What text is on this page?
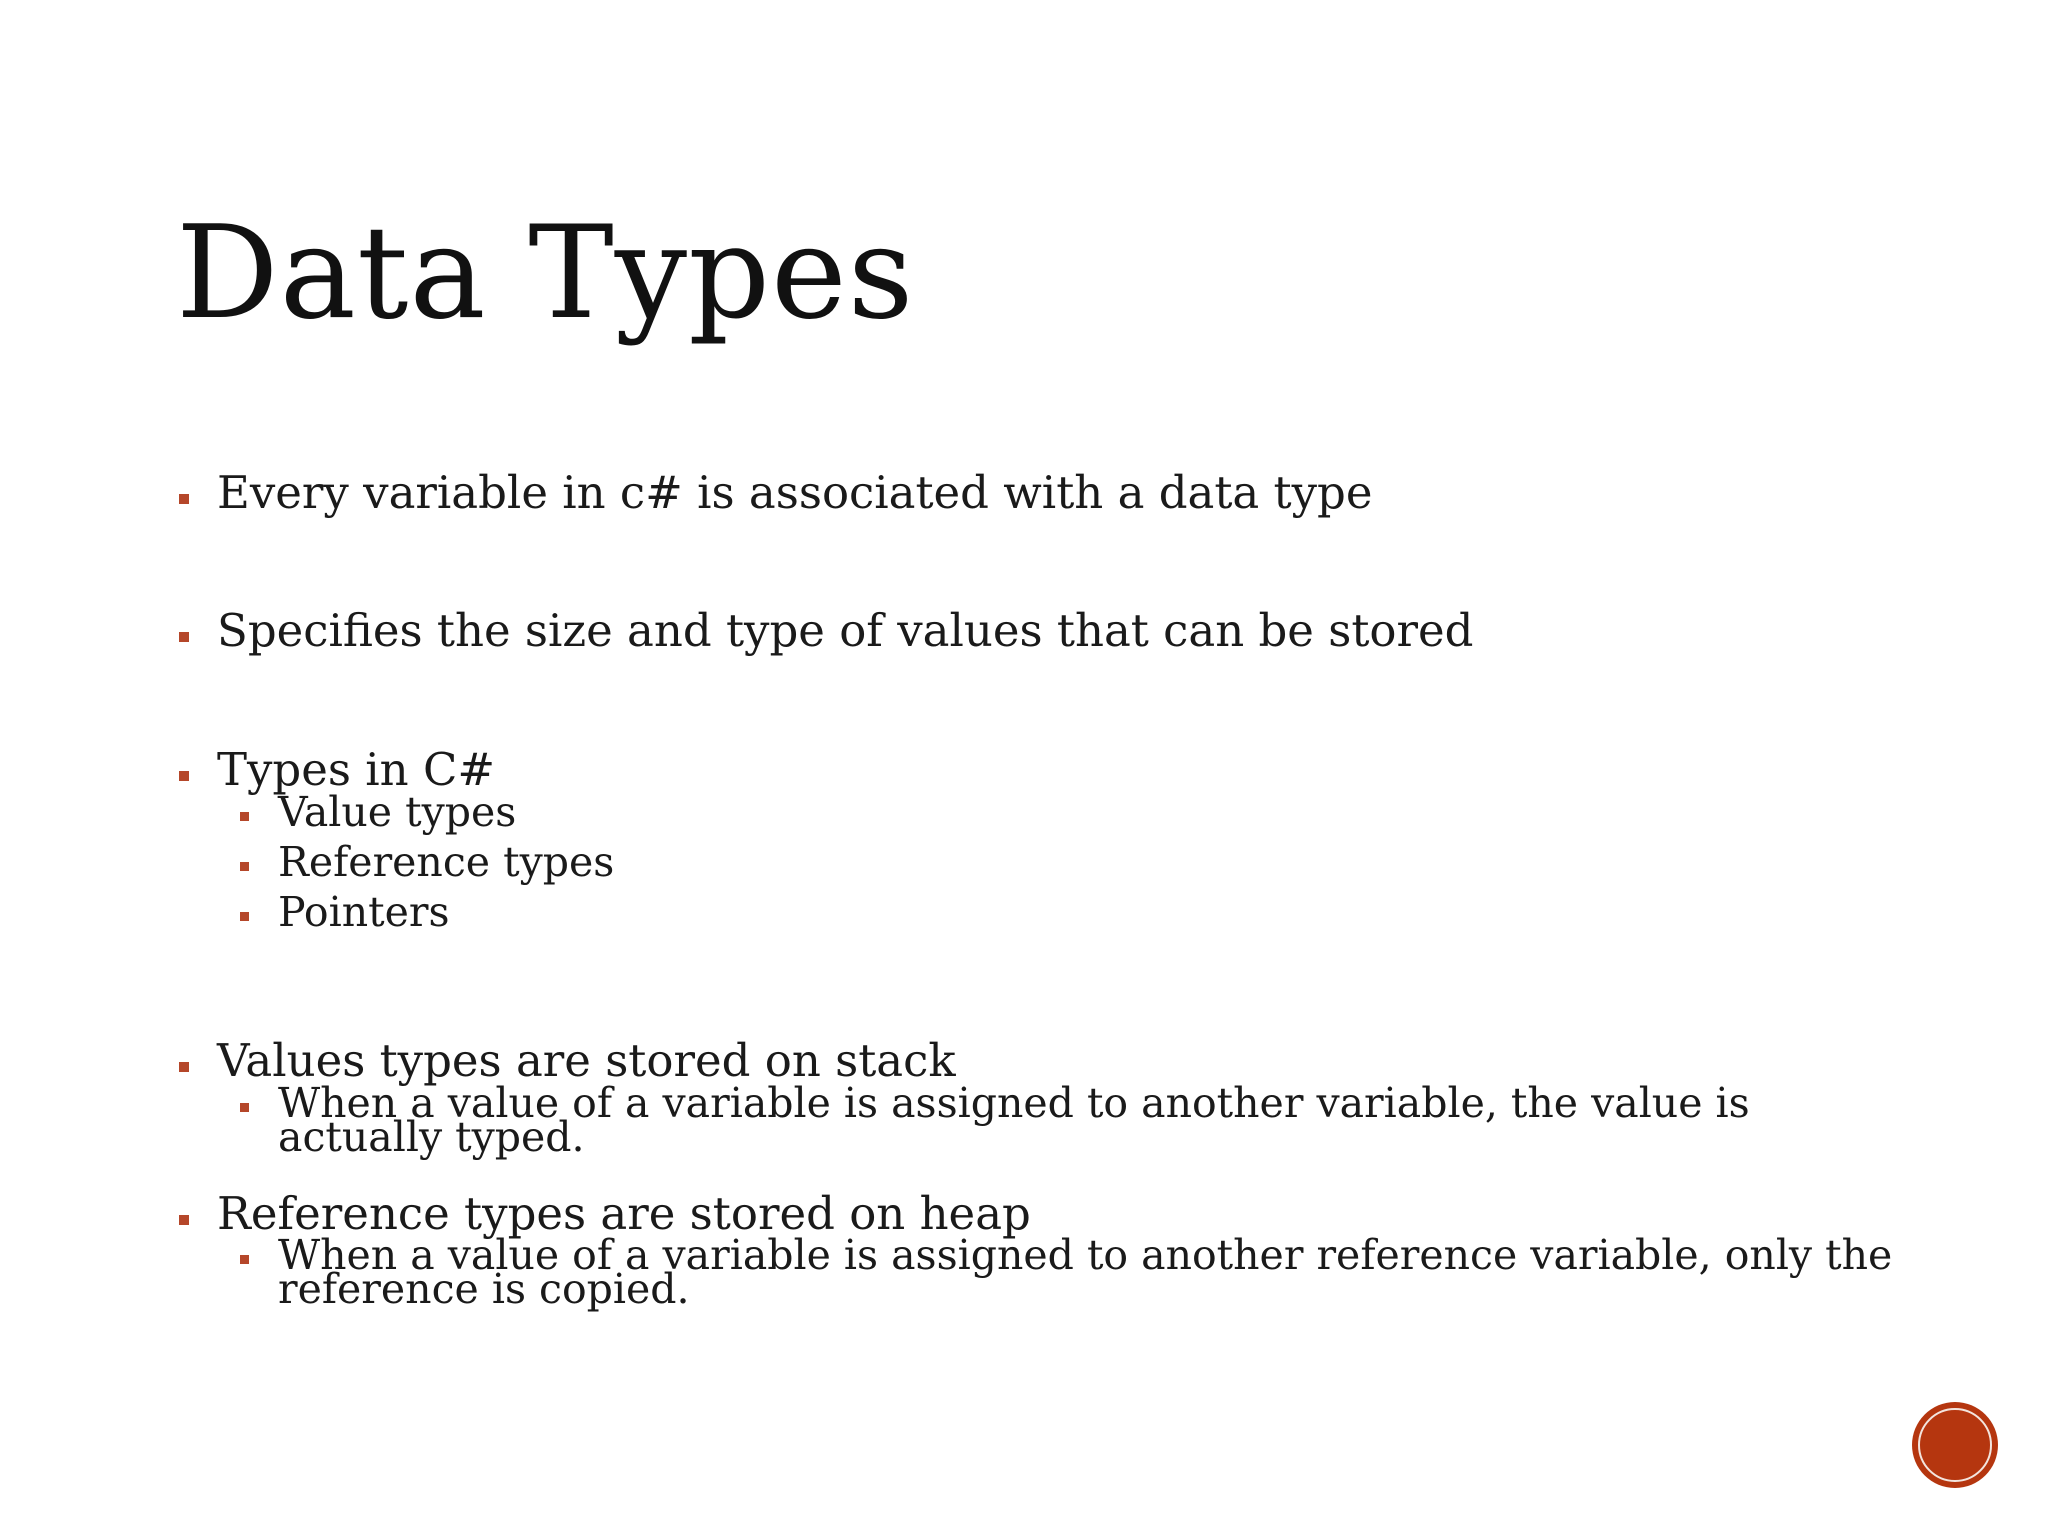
Data Types
Every variable in c# is associated with a data type
Specifies the size and type of values that can be stored
Types in C#
Value types
Reference types
Pointers
Values types are stored on stack
When a value of a variable is assigned to another variable, the value is actually typed.
Reference types are stored on heap
When a value of a variable is assigned to another reference variable, only the reference is copied.
